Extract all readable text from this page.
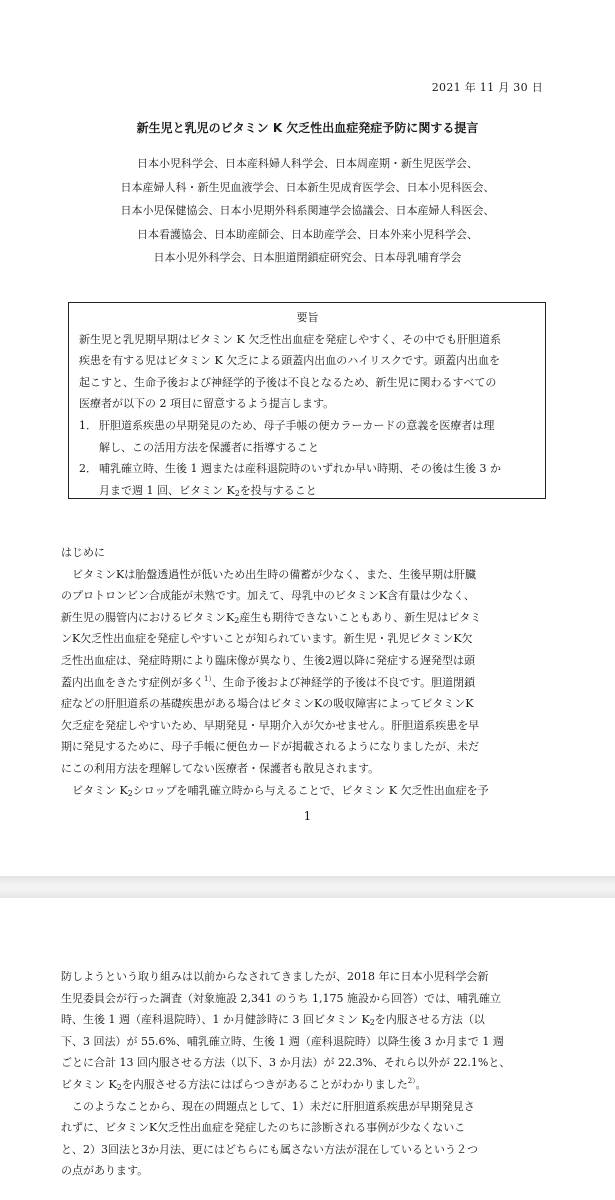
2021 年 11 月 30 日
新生児と乳児のビタミン K 欠乏性出血症発症予防に関する提言
日本小児科学会、日本産科婦人科学会、日本周産期・新生児医学会、
日本産婦人科・新生児血液学会、日本新生児成育医学会、日本小児科医会、
日本小児保健協会、日本小児期外科系関連学会協議会、日本産婦人科医会、
日本看護協会、日本助産師会、日本助産学会、日本外来小児科学会、
日本小児外科学会、日本胆道閉鎖症研究会、日本母乳哺育学会
要旨
新生児と乳児期早期はビタミン K 欠乏性出血症を発症しやすく、その中でも肝胆道系
疾患を有する児はビタミン K 欠乏による頭蓋内出血のハイリスクです。頭蓋内出血を
起こすと、生命予後および神経学的予後は不良となるため、新生児に関わるすべての
医療者が以下の 2 項目に留意するよう提言します。
1． 肝胆道系疾患の早期発見のため、母子手帳の便カラーカードの意義を医療者は理
解し、この活用方法を保護者に指導すること
2． 哺乳確立時、生後 1 週または産科退院時のいずれか早い時期、その後は生後 3 か
月まで週 1 回、ビタミン $K_2$を投与すること
はじめに
　ビタミンKは胎盤透過性が低いため出生時の備蓄が少なく、また、生後早期は肝臓
のプロトロンビン合成能が未熟です。加えて、母乳中のビタミンK含有量は少なく、
新生児の腸管内におけるビタミン$K_2$産生も期待できないこともあり、新生児はビタミ
ンK欠乏性出血症を発症しやすいことが知られています。新生児・乳児ビタミンK欠
乏性出血症は、発症時期により臨床像が異なり、生後2週以降に発症する遅発型は頭
蓋内出血をきたす症例が多く$^{1)}$、生命予後および神経学的予後は不良です。胆道閉鎖
症などの肝胆道系の基礎疾患がある場合はビタミンKの吸収障害によってビタミンK
欠乏症を発症しやすいため、早期発見・早期介入が欠かせません。肝胆道系疾患を早
期に発見するために、母子手帳に便色カードが掲載されるようになりましたが、未だ
にこの利用方法を理解してない医療者・保護者も散見されます。
　ビタミン $K_2$シロップを哺乳確立時から与えることで、ビタミン K 欠乏性出血症を予
1
防しようという取り組みは以前からなされてきましたが、2018 年に日本小児科学会新
生児委員会が行った調査（対象施設 2,341 のうち 1,175 施設から回答）では、哺乳確立
時、生後 1 週（産科退院時）、1 か月健診時に 3 回ビタミン $K_2$を内服させる方法（以
下、3 回法）が 55.6%、哺乳確立時、生後 1 週（産科退院時）以降生後 3 か月まで 1 週
ごとに合計 13 回内服させる方法（以下、3 か月法）が 22.3%、それら以外が 22.1%と、
ビタミン $K_2$を内服させる方法にはばらつきがあることがわかりました$^{2)}$。
　このようなことから、現在の問題点として、1）未だに肝胆道系疾患が早期発見さ
れずに、ビタミンK欠乏性出血症を発症したのちに診断される事例が少なくないこ
と、2）3回法と3か月法、更にはどちらにも属さない方法が混在しているという２つ
の点があります。
